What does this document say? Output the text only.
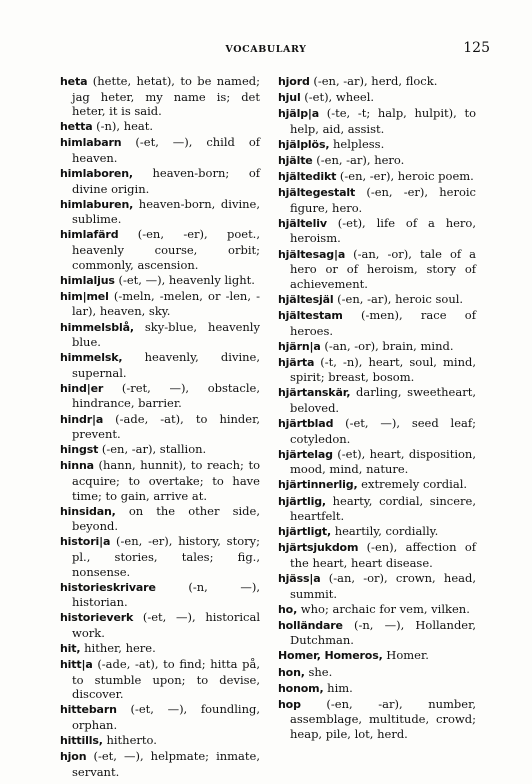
VOCABULARY	125
heta (hette, hetat), to be named; jag heter, my name is; det heter, it is said.
hetta (-n), heat.
himlabarn (-et, —), child of heaven.
himlaboren, heaven-born; of divine origin.
himlaburen, heaven-born, divine, sublime.
himlafärd (-en, -er), poet., heavenly course, orbit; commonly, ascension.
himlaljus (-et, —), heavenly light.
him|mel (-meln, -melen, or -len, -lar), heaven, sky.
himmelsblå, sky-blue, heavenly blue.
himmelsk, heavenly, divine, supernal.
hind|er (-ret, —), obstacle, hindrance, barrier.
hindr|a (-ade, -at), to hinder, prevent.
hingst (-en, -ar), stallion.
hinna (hann, hunnit), to reach; to acquire; to overtake; to have time; to gain, arrive at.
hinsidan, on the other side, beyond.
histori|a (-en, -er), history, story; pl., stories, tales; fig., nonsense.
historieskrivare (-n, —), historian.
historieverk (-et, —), historical work.
hit, hither, here.
hitt|a (-ade, -at), to find; hitta på, to stumble upon; to devise, discover.
hittebarn (-et, —), foundling, orphan.
hittills, hitherto.
hjon (-et, —), helpmate; inmate, servant.
hjord (-en, -ar), herd, flock.
hjul (-et), wheel.
hjälp|a (-te, -t; halp, hulpit), to help, aid, assist.
hjälplös, helpless.
hjälte (-en, -ar), hero.
hjältedikt (-en, -er), heroic poem.
hjältegestalt (-en, -er), heroic figure, hero.
hjälteliv (-et), life of a hero, heroism.
hjältesag|a (-an, -or), tale of a hero or of heroism, story of achievement.
hjältesjäl (-en, -ar), heroic soul.
hjältestam (-men), race of heroes.
hjärn|a (-an, -or), brain, mind.
hjärta (-t, -n), heart, soul, mind, spirit; breast, bosom.
hjärtanskär, darling, sweetheart, beloved.
hjärtblad (-et, —), seed leaf; cotyledon.
hjärtelag (-et), heart, disposition, mood, mind, nature.
hjärtinnerlig, extremely cordial.
hjärtlig, hearty, cordial, sincere, heartfelt.
hjärtligt, heartily, cordially.
hjärtsjukdom (-en), affection of the heart, heart disease.
hjäss|a (-an, -or), crown, head, summit.
ho, who; archaic for vem, vilken.
holländare (-n, —), Hollander, Dutchman.
Homer, Homeros, Homer.
hon, she.
honom, him.
hop (-en, -ar), number, assemblage, multitude, crowd; heap, pile, lot, herd.
